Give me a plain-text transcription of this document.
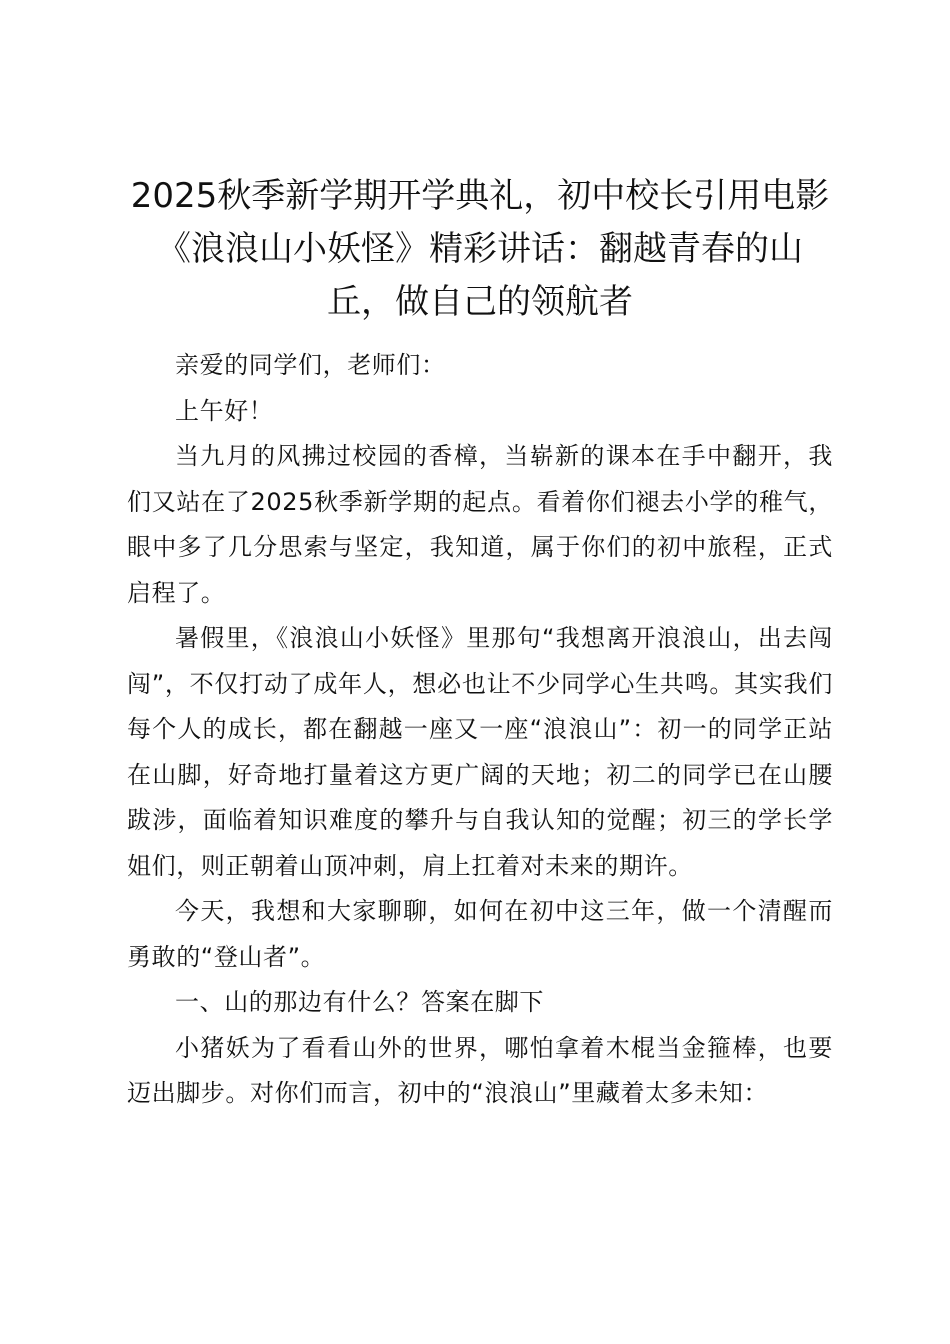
2025秋季新学期开学典礼，初中校长引用电影《浪浪山小妖怪》精彩讲话：翻越青春的山丘，做自己的领航者

亲爱的同学们，老师们：

上午好！

当九月的风拂过校园的香樟，当崭新的课本在手中翻开，我们又站在了2025秋季新学期的起点。看着你们褪去小学的稚气，眼中多了几分思索与坚定，我知道，属于你们的初中旅程，正式启程了。

暑假里，《浪浪山小妖怪》里那句“我想离开浪浪山，出去闯闯”，不仅打动了成年人，想必也让不少同学心生共鸣。其实我们每个人的成长，都在翻越一座又一座“浪浪山”：初一的同学正站在山脚，好奇地打量着这方更广阔的天地；初二的同学已在山腰跋涉，面临着知识难度的攀升与自我认知的觉醒；初三的学长学姐们，则正朝着山顶冲刺，肩上扛着对未来的期许。

今天，我想和大家聊聊，如何在初中这三年，做一个清醒而勇敢的“登山者”。

一、山的那边有什么？答案在脚下

小猪妖为了看看山外的世界，哪怕拿着木棍当金箍棒，也要迈出脚步。对你们而言，初中的“浪浪山”里藏着太多未知：
